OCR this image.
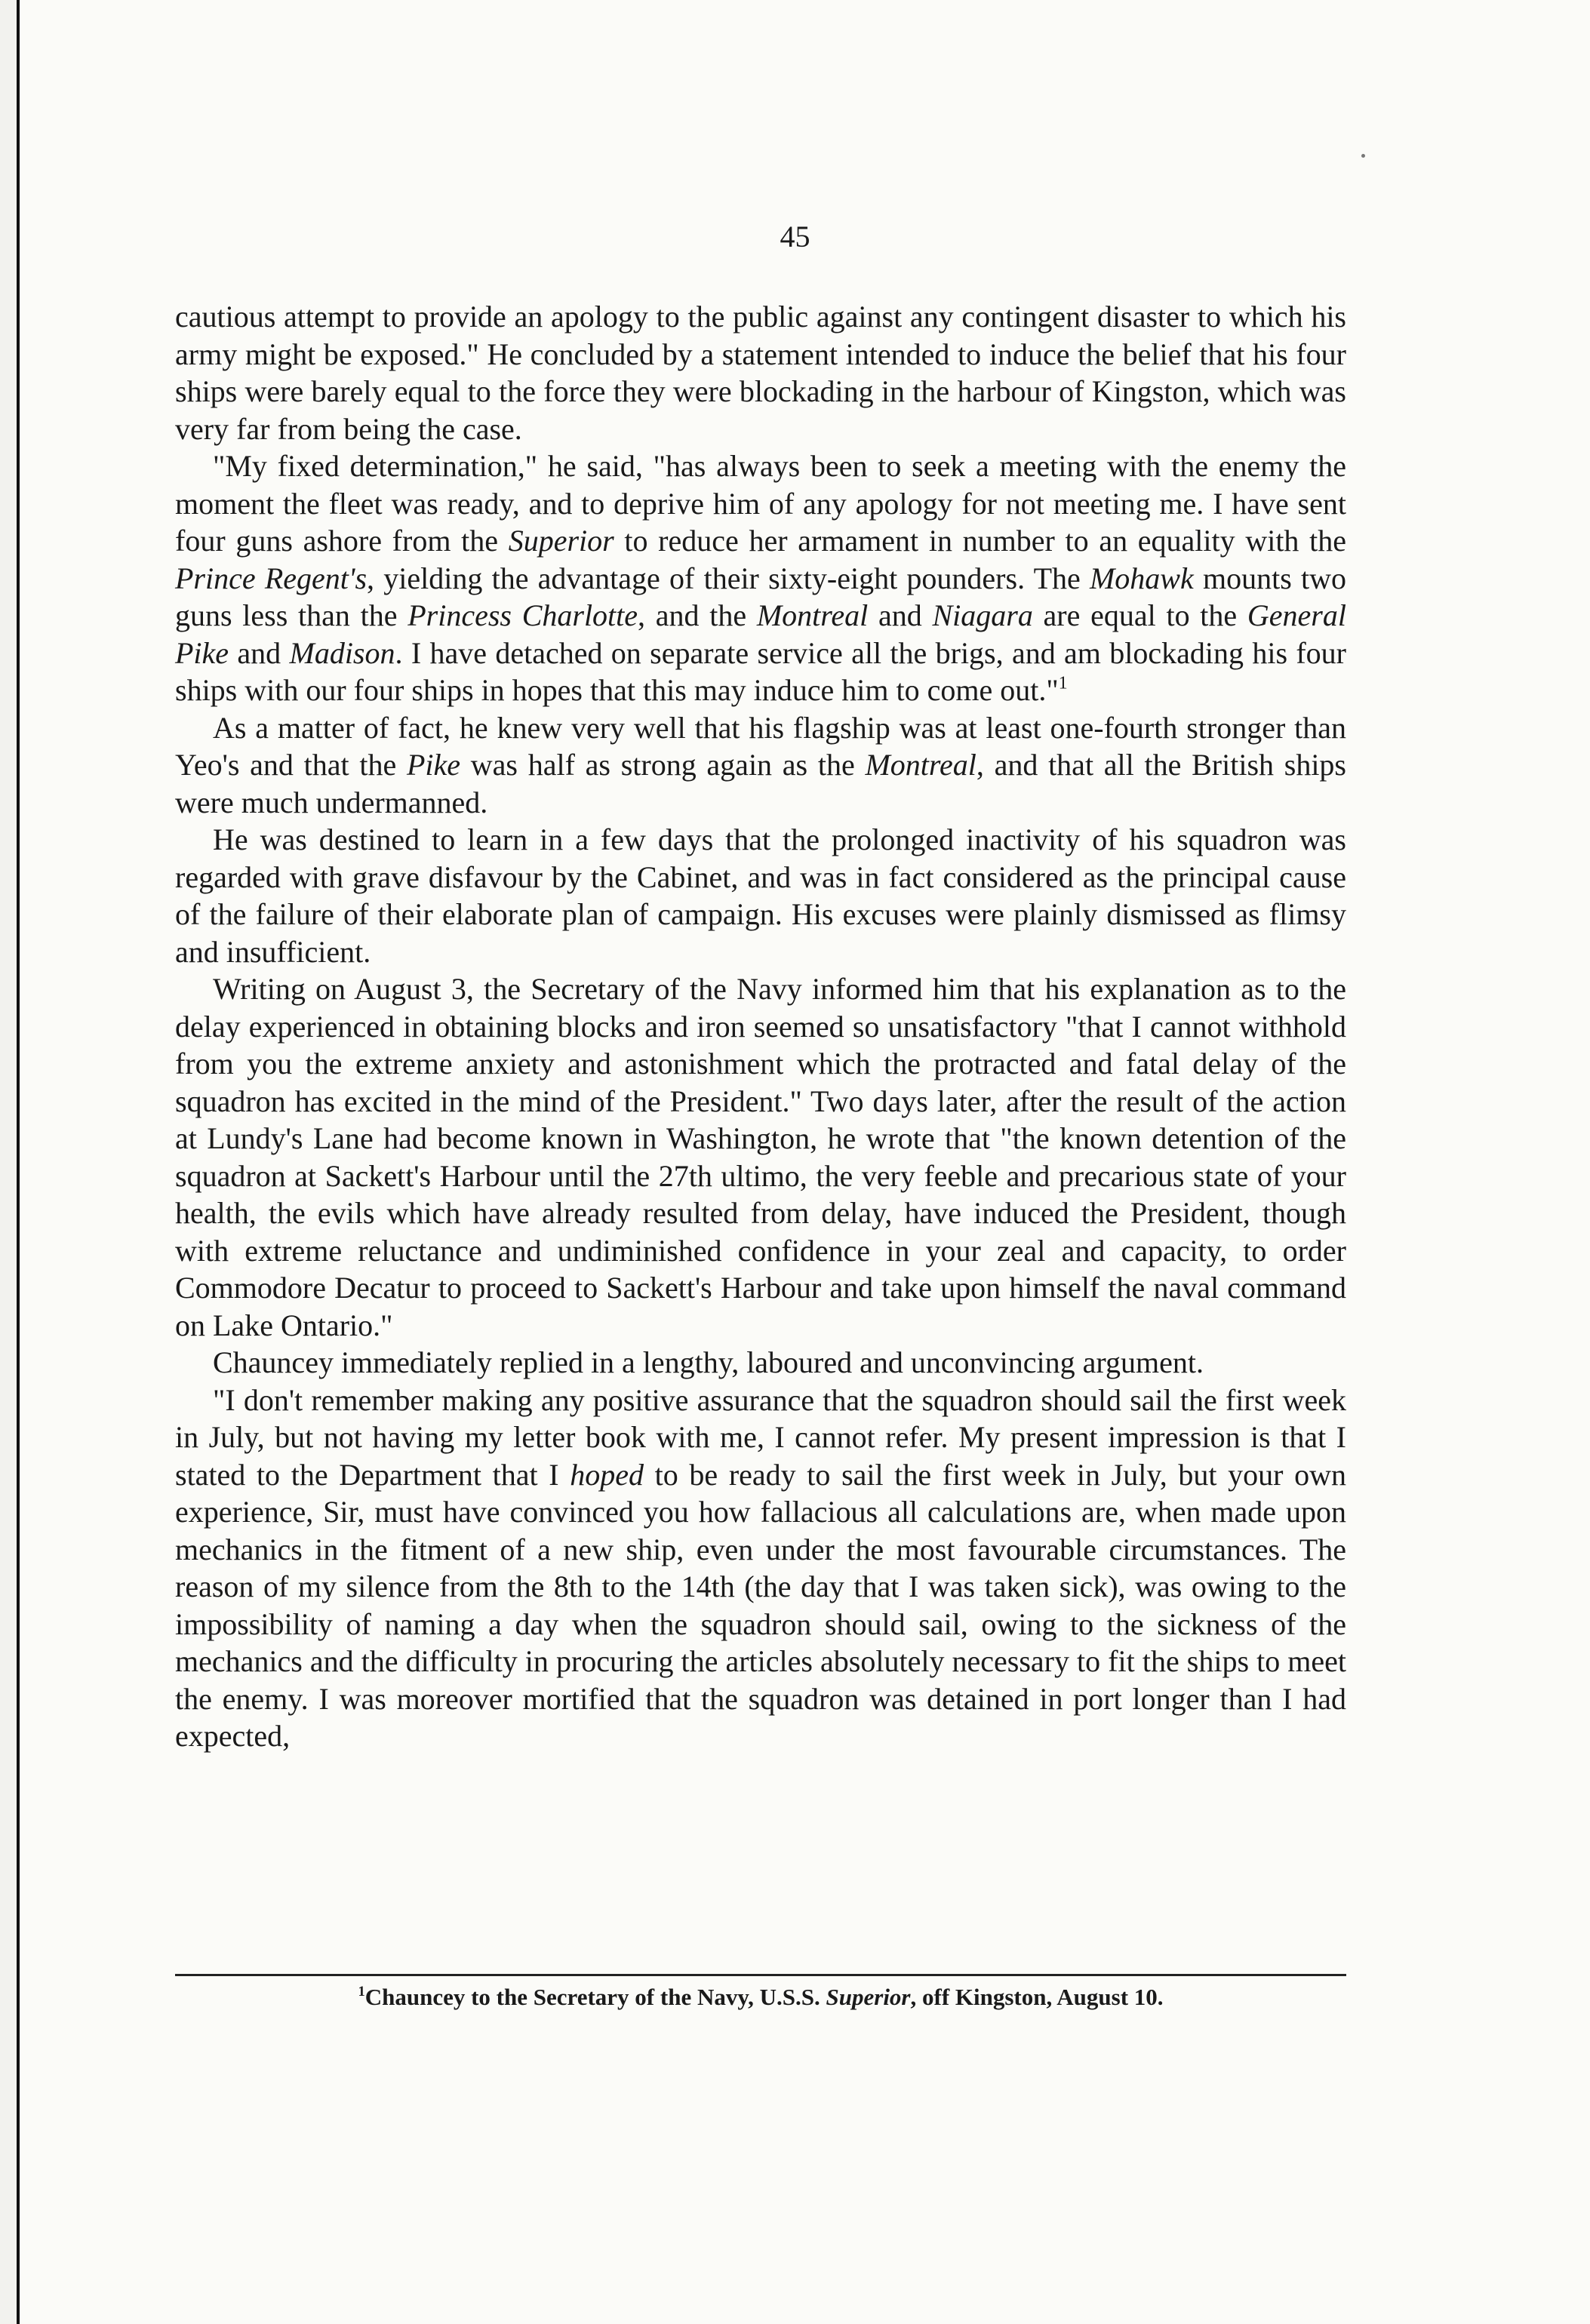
45

cautious attempt to provide an apology to the public against any contingent disaster to which his army might be exposed." He concluded by a statement intended to induce the belief that his four ships were barely equal to the force they were blockading in the harbour of Kingston, which was very far from being the case.

"My fixed determination," he said, "has always been to seek a meeting with the enemy the moment the fleet was ready, and to deprive him of any apology for not meeting me. I have sent four guns ashore from the Superior to reduce her armament in number to an equality with the Prince Regent's, yielding the advantage of their sixty-eight pounders. The Mohawk mounts two guns less than the Princess Charlotte, and the Montreal and Niagara are equal to the General Pike and Madison. I have detached on separate service all the brigs, and am blockading his four ships with our four ships in hopes that this may induce him to come out."$^1$

As a matter of fact, he knew very well that his flagship was at least one-fourth stronger than Yeo's and that the Pike was half as strong again as the Montreal, and that all the British ships were much undermanned.

He was destined to learn in a few days that the prolonged inactivity of his squadron was regarded with grave disfavour by the Cabinet, and was in fact considered as the principal cause of the failure of their elaborate plan of campaign. His excuses were plainly dismissed as flimsy and insufficient.

Writing on August 3, the Secretary of the Navy informed him that his explanation as to the delay experienced in obtaining blocks and iron seemed so unsatisfactory "that I cannot withhold from you the extreme anxiety and astonishment which the protracted and fatal delay of the squadron has excited in the mind of the President." Two days later, after the result of the action at Lundy's Lane had become known in Washington, he wrote that "the known detention of the squadron at Sackett's Harbour until the 27th ultimo, the very feeble and precarious state of your health, the evils which have already resulted from delay, have induced the President, though with extreme reluctance and undiminished confidence in your zeal and capacity, to order Commodore Decatur to proceed to Sackett's Harbour and take upon himself the naval command on Lake Ontario."

Chauncey immediately replied in a lengthy, laboured and unconvincing argument.

"I don't remember making any positive assurance that the squadron should sail the first week in July, but not having my letter book with me, I cannot refer. My present impression is that I stated to the Department that I hoped to be ready to sail the first week in July, but your own experience, Sir, must have convinced you how fallacious all calculations are, when made upon mechanics in the fitment of a new ship, even under the most favourable circumstances. The reason of my silence from the 8th to the 14th (the day that I was taken sick), was owing to the impossibility of naming a day when the squadron should sail, owing to the sickness of the mechanics and the difficulty in procuring the articles absolutely necessary to fit the ships to meet the enemy. I was moreover mortified that the squadron was detained in port longer than I had expected,

$^1$Chauncey to the Secretary of the Navy, U.S.S. Superior, off Kingston, August 10.
